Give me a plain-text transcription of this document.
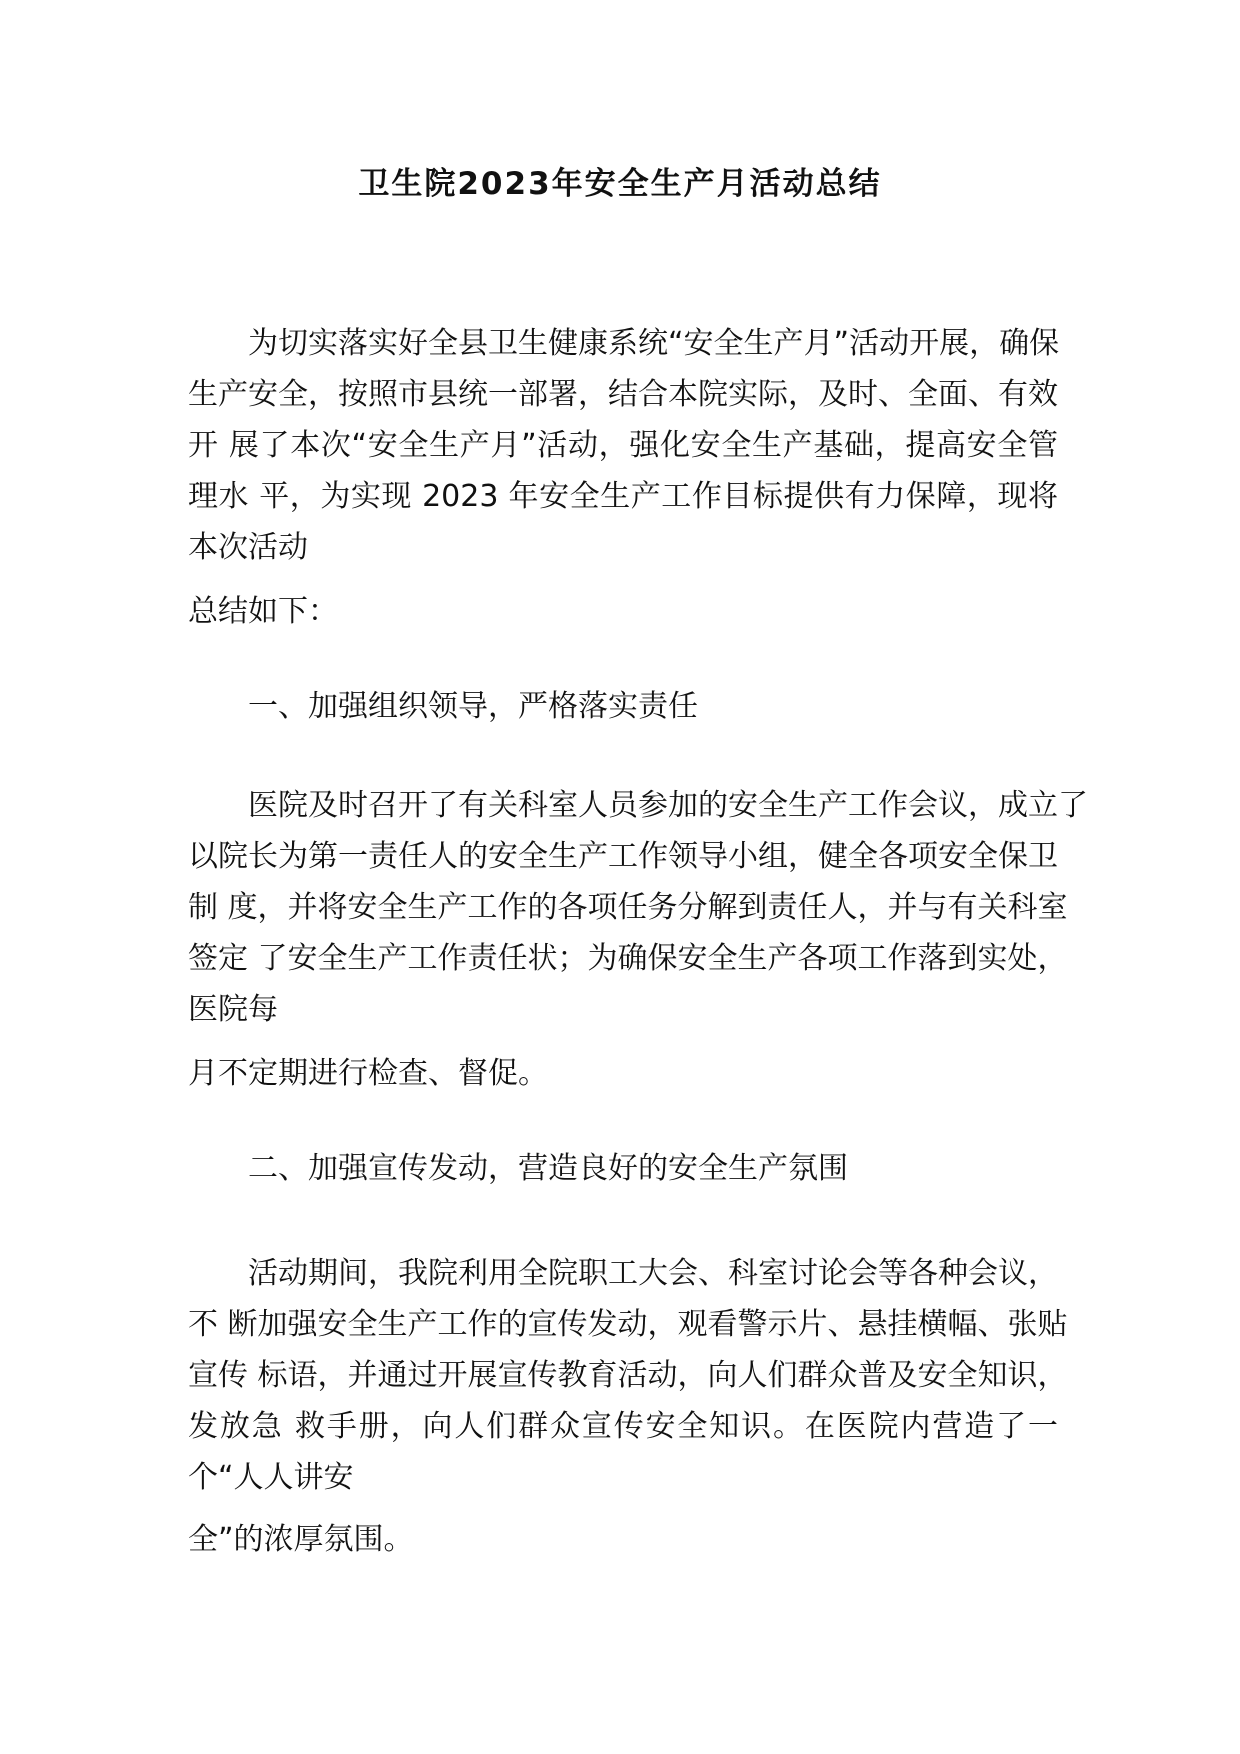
卫生院2023年安全生产月活动总结
为切实落实好全县卫生健康系统“安全生产月”活动开展，确保
生产安全，按照市县统一部署，结合本院实际，及时、全面、有效
开 展了本次“安全生产月”活动，强化安全生产基础，提高安全管
理水 平，为实现 2023 年安全生产工作目标提供有力保障，现将
本次活动
总结如下：
一、加强组织领导，严格落实责任
医院及时召开了有关科室人员参加的安全生产工作会议，成立了
以院长为第一责任人的安全生产工作领导小组，健全各项安全保卫
制 度，并将安全生产工作的各项任务分解到责任人，并与有关科室
签定 了安全生产工作责任状；为确保安全生产各项工作落到实处，
医院每
月不定期进行检查、督促。
二、加强宣传发动，营造良好的安全生产氛围
活动期间，我院利用全院职工大会、科室讨论会等各种会议，
不 断加强安全生产工作的宣传发动，观看警示片、悬挂横幅、张贴
宣传 标语，并通过开展宣传教育活动，向人们群众普及安全知识，
发放急 救手册，向人们群众宣传安全知识。在医院内营造了一
个“人人讲安
全”的浓厚氛围。
